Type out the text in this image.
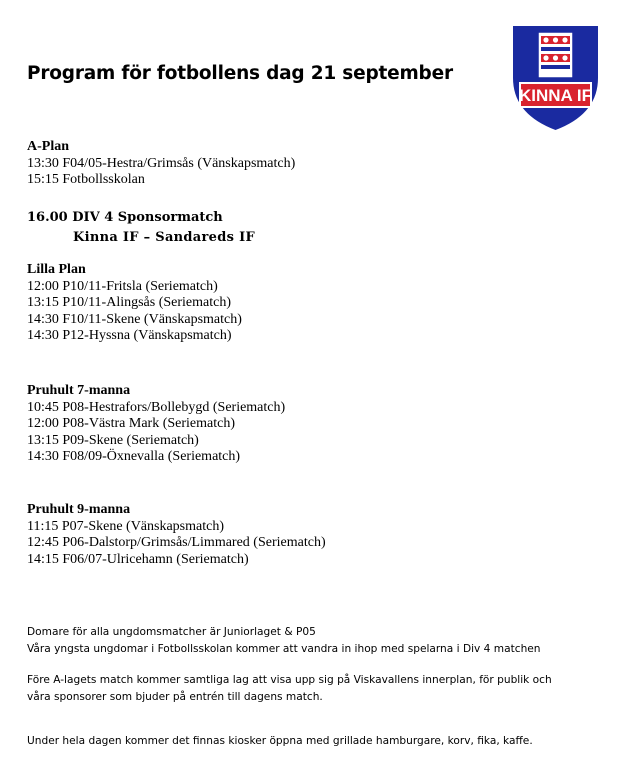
Program för fotbollens dag 21 september
KINNA IF
A-Plan
13:30 F04/05-Hestra/Grimsås (Vänskapsmatch)
15:15 Fotbollsskolan
16.00 DIV 4 Sponsormatch
Kinna IF – Sandareds IF
Lilla Plan
12:00 P10/11-Fritsla (Seriematch)
13:15 P10/11-Alingsås (Seriematch)
14:30 F10/11-Skene (Vänskapsmatch)
14:30 P12-Hyssna (Vänskapsmatch)
Pruhult 7-manna
10:45 P08-Hestrafors/Bollebygd (Seriematch)
12:00 P08-Västra Mark (Seriematch)
13:15 P09-Skene (Seriematch)
14:30 F08/09-Öxnevalla (Seriematch)
Pruhult 9-manna
11:15 P07-Skene (Vänskapsmatch)
12:45 P06-Dalstorp/Grimsås/Limmared (Seriematch)
14:15 F06/07-Ulricehamn (Seriematch)
Domare för alla ungdomsmatcher är Juniorlaget & P05
Våra yngsta ungdomar i Fotbollsskolan kommer att vandra in ihop med spelarna i Div 4 matchen
Före A-lagets match kommer samtliga lag att visa upp sig på Viskavallens innerplan, för publik och
våra sponsorer som bjuder på entrén till dagens match.
Under hela dagen kommer det finnas kiosker öppna med grillade hamburgare, korv, fika, kaffe.
